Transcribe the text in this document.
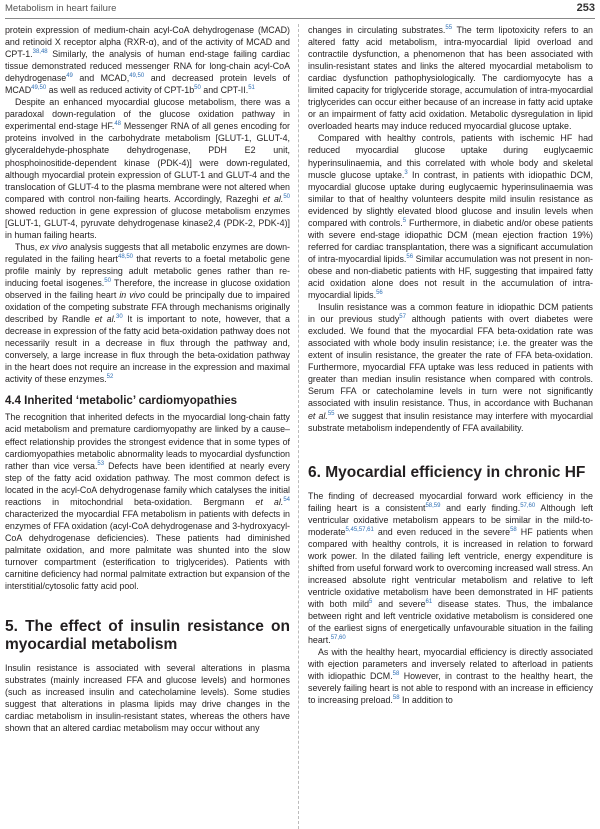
Metabolism in heart failure	253

protein expression of medium-chain acyl-CoA dehydrogenase (MCAD) and retinoid X receptor alpha (RXR-α), and of the activity of MCAD and CPT-1.$^{38,48}$ Similarly, the analysis of human end-stage failing cardiac tissue demonstrated reduced messenger RNA for long-chain acyl-CoA dehydrogenase$^{49}$ and MCAD,$^{49,50}$ and decreased protein levels of MCAD$^{49,50}$ as well as reduced activity of CPT-$1b^{50}$ and CPT-II.$^{51}$

Despite an enhanced myocardial glucose metabolism, there was a paradoxal down-regulation of the glucose oxidation pathway in experimental end-stage HF.$^{48}$ Messenger RNA of all genes encoding for proteins involved in the carbohydrate metabolism [GLUT-1, GLUT-4, glyceraldehyde-phosphate dehydrogenase, PDH E2 unit, phosphoinositide-dependent kinase (PDK-4)] were down-regulated, although myocardial protein expression of GLUT-1 and GLUT-4 and the translocation of GLUT-4 to the plasma membrane were not altered when compared with control non-failing hearts. Accordingly, Razeghi et al.$^{50}$ showed reduction in gene expression of glucose metabolism enzymes [GLUT-1, GLUT-4, pyruvate dehydrogenase kinase2,4 (PDK-2, PDK-4)] in human failing hearts.

Thus, ex vivo analysis suggests that all metabolic enzymes are down-regulated in the failing heart$^{48,50}$ that reverts to a foetal metabolic gene profile mainly by repressing adult metabolic genes rather than re-inducing foetal isogenes.$^{50}$ Therefore, the increase in glucose oxidation observed in the failing heart in vivo could be principally due to impaired oxidation of the competing substrate FFA through mechanisms originally described by Randle et al.$^{30}$ It is important to note, however, that a decrease in expression of the fatty acid beta-oxidation pathway does not necessarily result in a decrease in flux through the pathway and, conversely, a large increase in flux through the beta-oxidation pathway in the heart does not require an increase in the expression and maximal activity of these enzymes.$^{52}$

4.4 Inherited ‘metabolic’ cardiomyopathies

The recognition that inherited defects in the myocardial long-chain fatty acid metabolism and premature cardiomyopathy are linked by a cause–effect relationship provides the strongest evidence that in some types of cardiomyopathies metabolic abnormality leads to myocardial dysfunction rather than vice versa.$^{53}$ Defects have been identified at nearly every step of the fatty acid oxidation pathway. The most common defect is located in the acyl-CoA dehydrogenase family which catalyses the initial reactions in mitochondrial beta-oxidation. Bergmann et al.$^{54}$ characterized the myocardial FFA metabolism in patients with defects in enzymes of FFA oxidation (acyl-CoA dehydrogenase and 3-hydroxyacyl-CoA dehydrogenase deficiencies). These patients had diminished palmitate oxidation, and more palmitate was shunted into the slow turnover compartment (esterification to triglycerides). Patients with carnitine deficiency had normal palmitate extraction but expansion of the interstitial/cytosolic fatty acid pool.

5. The effect of insulin resistance on myocardial metabolism

Insulin resistance is associated with several alterations in plasma substrates (mainly increased FFA and glucose levels) and hormones (such as increased insulin and catecholamine levels). Some studies suggest that alterations in plasma lipids may drive changes in the cardiac metabolism in insulin-resistant states, whereas the others have shown that an altered cardiac metabolism may occur without any

changes in circulating substrates.$^{55}$ The term lipotoxicity refers to an altered fatty acid metabolism, intra-myocardial lipid overload and contractile dysfunction, a phenomenon that has been associated with insulin-resistant states and links the altered myocardial metabolism to cardiac dysfunction pathophysiologically. The cardiomyocyte has a limited capacity for triglyceride storage, accumulation of intra-myocardial triglycerides can occur either because of an increase in fatty acid uptake or an impairment of fatty acid oxidation. Metabolic dysregulation in lipid overloaded hearts may induce reduced myocardial glucose uptake.

Compared with healthy controls, patients with ischemic HF had reduced myocardial glucose uptake during euglycaemic hyperinsulinaemia, and this correlated with whole body and skeletal muscle glucose uptake.$^3$ In contrast, in patients with idiopathic DCM, myocardial glucose uptake during euglycaemic hyperinsulinaemia was similar to that of healthy volunteers despite mild insulin resistance as evidenced by slightly elevated blood glucose and insulin levels when compared with controls.$^5$ Furthermore, in diabetic and/or obese patients with severe end-stage idiopathic DCM (mean ejection fraction 19%) referred for cardiac transplantation, there was a significant accumulation of intra-myocardial lipids.$^{56}$ Similar accumulation was not present in non-obese and non-diabetic patients with HF, suggesting that impaired fatty acid oxidation alone does not result in the accumulation of intra-myocardial lipids.$^{56}$

Insulin resistance was a common feature in idiopathic DCM patients in our previous study$^{57}$ although patients with overt diabetes were excluded. We found that the myocardial FFA beta-oxidation rate was associated with whole body insulin resistance; i.e. the greater was the extent of insulin resistance, the greater the rate of FFA beta-oxidation. Furthermore, myocardial FFA uptake was less reduced in patients with greater than median insulin resistance when compared with controls. Serum FFA or catecholamine levels in turn were not significantly associated with insulin resistance. Thus, in accordance with Buchanan et al.$^{55}$ we suggest that insulin resistance may interfere with myocardial substrate metabolism independently of FFA availability.

6. Myocardial efficiency in chronic HF

The finding of decreased myocardial forward work efficiency in the failing heart is a consistent$^{58,59}$ and early finding.$^{57,60}$ Although left ventricular oxidative metabolism appears to be similar in the mild-to-moderate$^{5,45,57,61}$ and even reduced in the severe$^{58}$ HF patients when compared with healthy controls, it is increased in relation to forward work power. In the dilated failing left ventricle, energy expenditure is shifted from useful forward work to overcoming increased wall stress. An increased absolute right ventricular metabolism and relative to left ventricle oxidative metabolism have been demonstrated in HF patients with both mild$^5$ and severe$^{61}$ disease states. Thus, the imbalance between right and left ventricle oxidative metabolism is considered one of the earliest signs of energetically unfavourable situation in the failing heart.$^{57,60}$

As with the healthy heart, myocardial efficiency is directly associated with ejection parameters and inversely related to afterload in patients with idiopathic DCM.$^{58}$ However, in contrast to the healthy heart, the severely failing heart is not able to respond with an increase in efficiency to increasing preload.$^{58}$ In addition to
